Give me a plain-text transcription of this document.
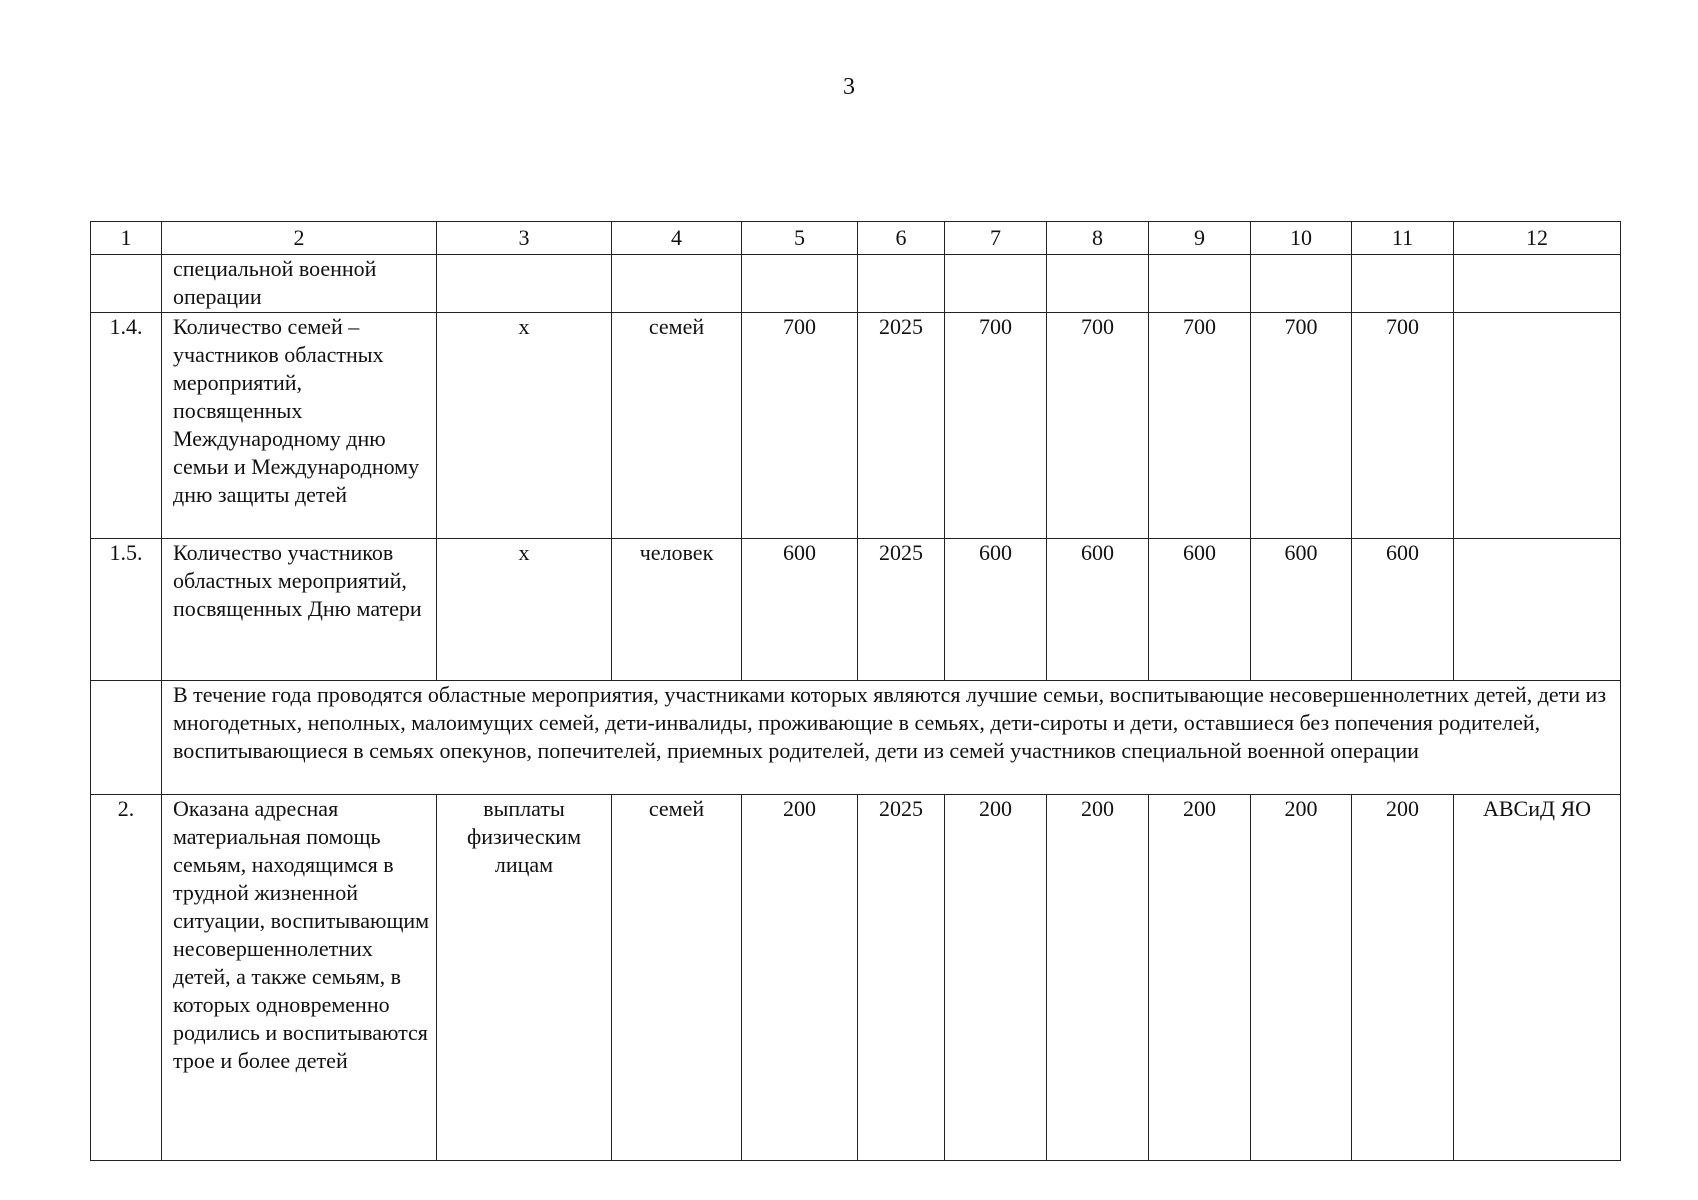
3
1	2	3	4	5	6	7	8	9	10	11	12
	специальной военной операции										
1.4.	Количество семей – участников областных мероприятий, посвященных Международному дню семьи и Международному дню защиты детей	х	семей	700	2025	700	700	700	700	700	
1.5.	Количество участников областных мероприятий, посвященных Дню матери	х	человек	600	2025	600	600	600	600	600	
	В течение года проводятся областные мероприятия, участниками которых являются лучшие семьи, воспитывающие несовершеннолетних детей, дети из многодетных, неполных, малоимущих семей, дети-инвалиды, проживающие в семьях, дети-сироты и дети, оставшиеся без попечения родителей, воспитывающиеся в семьях опекунов, попечителей, приемных родителей, дети из семей участников специальной военной операции										
2.	Оказана адресная материальная помощь семьям, находящимся в трудной жизненной ситуации, воспитывающим несовершеннолетних детей, а также семьям, в которых одновременно родились и воспитываются трое и более детей	выплаты физическим лицам	семей	200	2025	200	200	200	200	200	АВСиД ЯО
